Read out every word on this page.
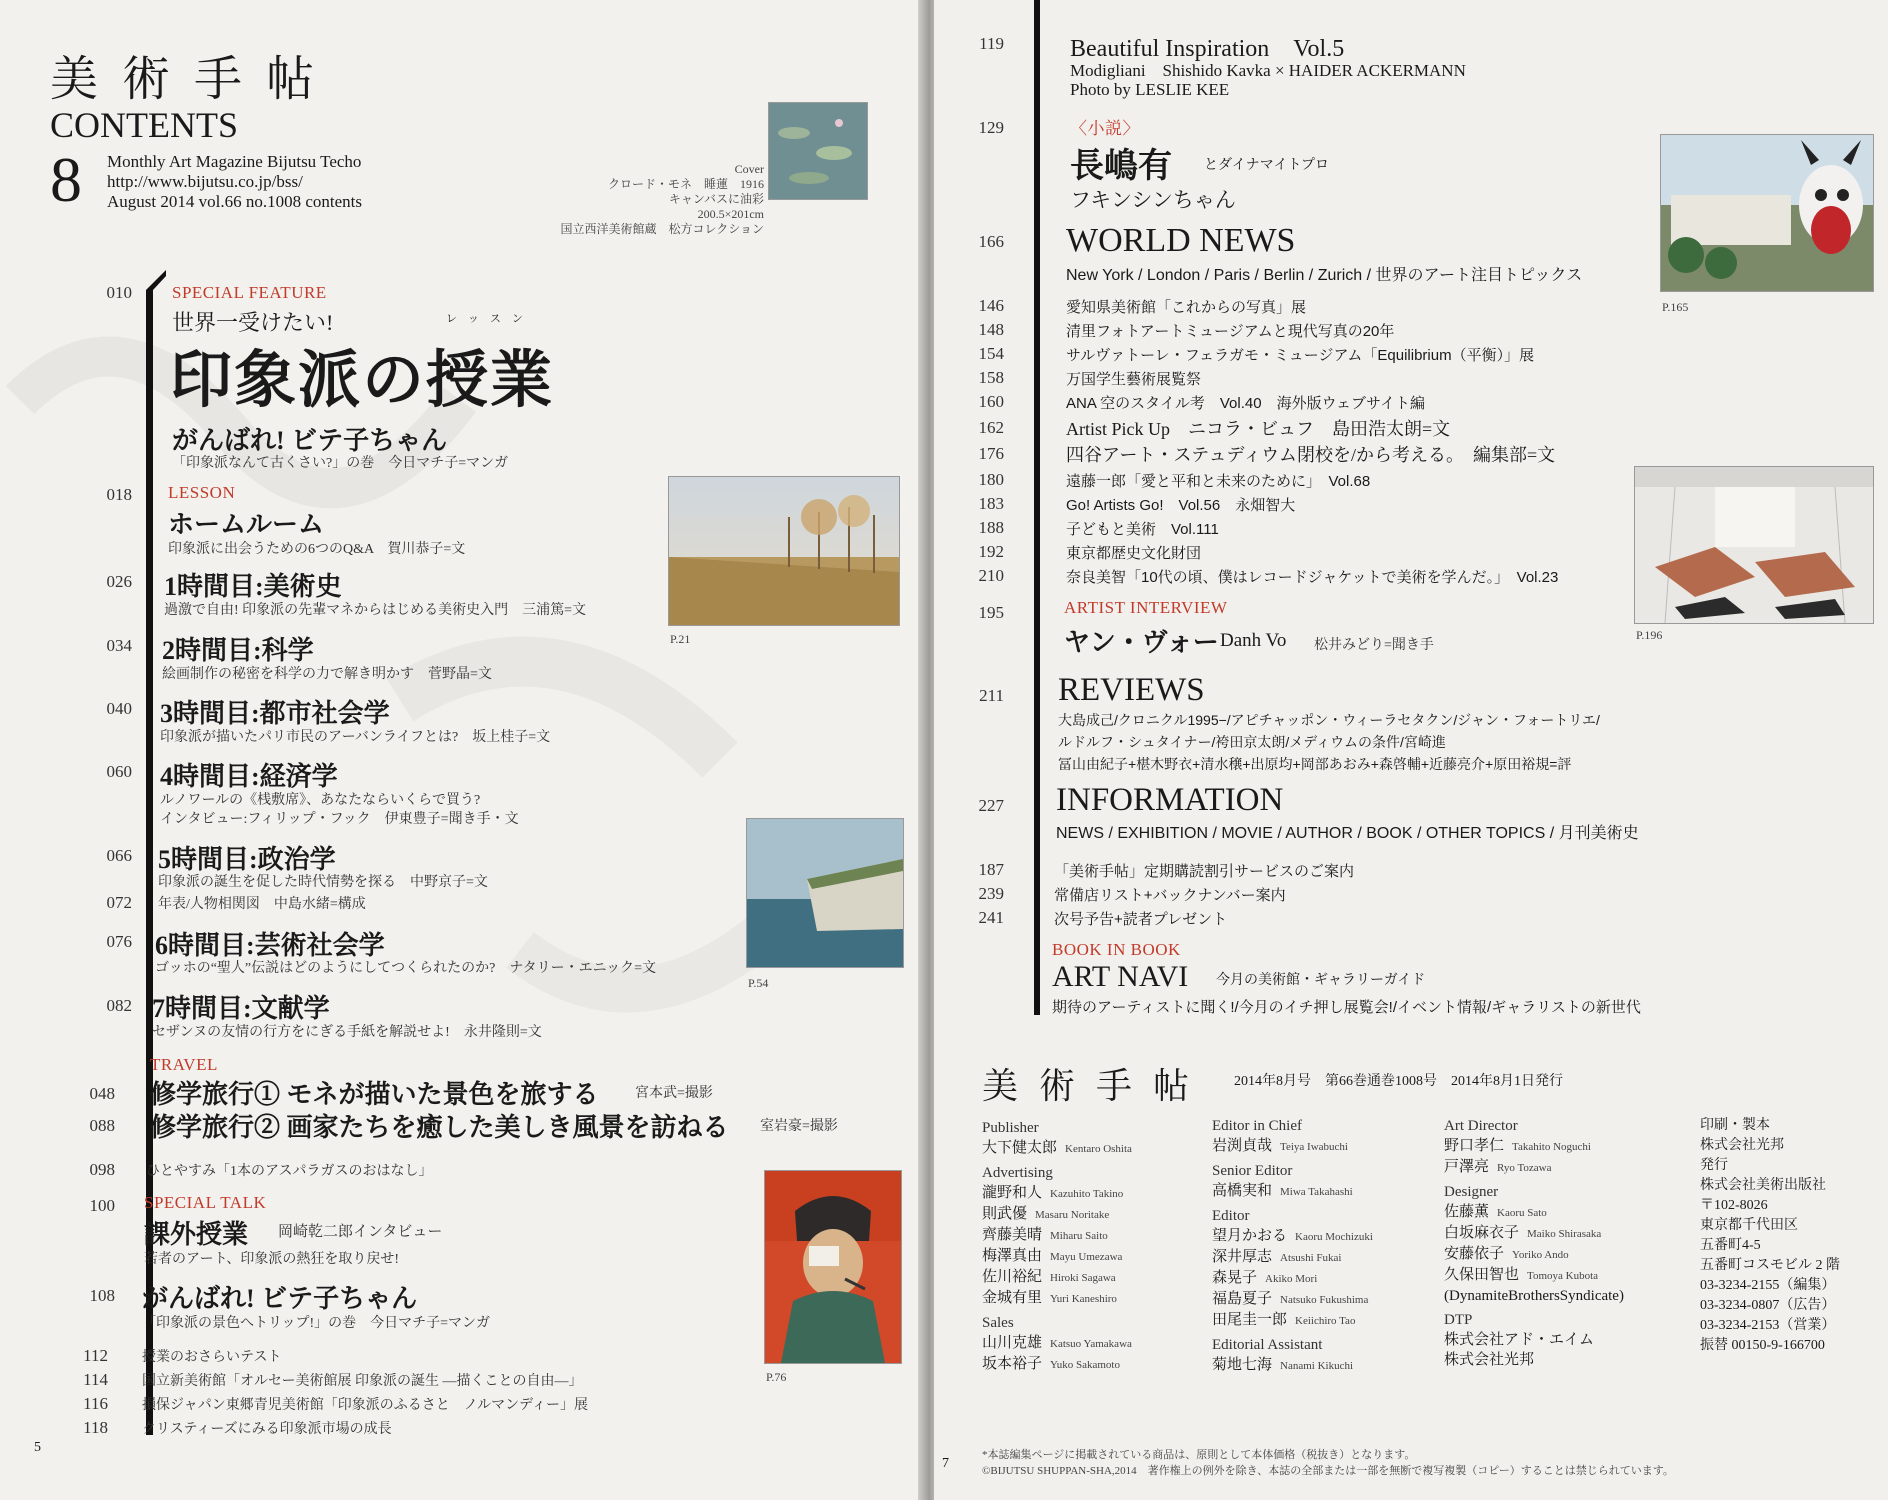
美 術 手 帖
CONTENTS
8 Monthly Art Magazine Bijutsu Techo
http://www.bijutsu.co.jp/bss/
August 2014 vol.66 no.1008 contents
Cover
クロード・モネ　睡蓮　1916
キャンバスに油彩
200.5×201cm
国立西洋美術館蔵　松方コレクション
010 SPECIAL FEATURE
世界一受けたい!	レッスン
印象派の授業
がんばれ! ビテ子ちゃん
「印象派なんて古くさい?」の巻　今日マチ子=マンガ
LESSON
018
ホームルーム
印象派に出会うための6つのQ&A　賀川恭子=文
026 1時間目:美術史
過激で自由! 印象派の先輩マネからはじめる美術史入門　三浦篤=文
034 2時間目:科学
絵画制作の秘密を科学の力で解き明かす　菅野晶=文
040 3時間目:都市社会学
印象派が描いたパリ市民のアーバンライフとは?　坂上桂子=文
060 4時間目:経済学
ルノワールの《桟敷席》、あなたならいくらで買う?
インタビュー:フィリップ・フック　伊東豊子=聞き手・文
066 5時間目:政治学
印象派の誕生を促した時代情勢を探る　中野京子=文
072 年表/人物相関図　中島水緒=構成
076 6時間目:芸術社会学
ゴッホの“聖人”伝説はどのようにしてつくられたのか?　ナタリー・エニック=文
082 7時間目:文献学
セザンヌの友情の行方をにぎる手紙を解説せよ!　永井隆則=文
TRAVEL
048 修学旅行① モネが描いた景色を旅する	宮本武=撮影
088 修学旅行② 画家たちを癒した美しき風景を訪ねる 室岩豪=撮影
098 ひとやすみ「1本のアスパラガスのおはなし」
100 SPECIAL TALK
課外授業 岡崎乾二郎インタビュー
若者のアート、印象派の熱狂を取り戻せ!
108 がんばれ! ビテ子ちゃん
「印象派の景色へトリップ!」の巻　今日マチ子=マンガ
112 授業のおさらいテスト
114 国立新美術館「オルセー美術館展 印象派の誕生 —描くことの自由—」
116 損保ジャパン東郷青児美術館「印象派のふるさと　ノルマンディー」展
118 クリスティーズにみる印象派市場の成長
P.21
P.54
P.76
5
119	Beautiful Inspiration　Vol.5
Modigliani　Shishido Kavka × HAIDER ACKERMANN
Photo by LESLIE KEE
129	〈小説〉
長嶋有 とダイナマイトプロ
フキンシンちゃん
P.165
166 WORLD NEWS
New York / London / Paris / Berlin / Zurich / 世界のアート注目トピックス
146	愛知県美術館「これからの写真」展
148	清里フォトアートミュージアムと現代写真の20年
154	サルヴァトーレ・フェラガモ・ミュージアム「Equilibrium（平衡）」展
158	万国学生藝術展覧祭
160	ANA 空のスタイル考　Vol.40　海外版ウェブサイト編
162	Artist Pick Up　ニコラ・ビュフ　島田浩太朗=文
176	四谷アート・ステュディウム閉校を/から考える。　編集部=文
180	遠藤一郎「愛と平和と未来のために」　Vol.68
183	Go! Artists Go!　Vol.56　永畑智大
188	子どもと美術　Vol.111
192	東京都歴史文化財団
210	奈良美智「10代の頃、僕はレコードジャケットで美術を学んだ。」　Vol.23
P.196
195	ARTIST INTERVIEW
ヤン・ヴォー Danh Vo 松井みどり=聞き手
211 REVIEWS
大島成己/クロニクル1995−/アピチャッポン・ウィーラセタクン/ジャン・フォートリエ/
ルドルフ・シュタイナー/袴田京太朗/メディウムの条件/宮崎進
冨山由紀子+椹木野衣+清水穣+出原均+岡部あおみ+森啓輔+近藤亮介+原田裕規=評
227 INFORMATION
NEWS / EXHIBITION / MOVIE / AUTHOR / BOOK / OTHER TOPICS / 月刊美術史
187	「美術手帖」定期購読割引サービスのご案内
239	常備店リスト+バックナンバー案内
241	次号予告+読者プレゼント
BOOK IN BOOK
ART NAVI 今月の美術館・ギャラリーガイド
期待のアーティストに聞く!/今月のイチ押し展覧会!/イベント情報/ギャラリストの新世代
美 術 手 帖	2014年8月号　第66巻通巻1008号　2014年8月1日発行
Publisher
大下健太郎 Kentaro Oshita
Advertising
瀧野和人 Kazuhito Takino
則武優 Masaru Noritake
齊藤美晴 Miharu Saito
梅澤真由 Mayu Umezawa
佐川裕紀 Hiroki Sagawa
金城有里 Yuri Kaneshiro
Sales
山川克雄 Katsuo Yamakawa
坂本裕子 Yuko Sakamoto
Editor in Chief
岩渕貞哉 Teiya Iwabuchi
Senior Editor
高橋実和 Miwa Takahashi
Editor
望月かおる Kaoru Mochizuki
深井厚志 Atsushi Fukai
森晃子 Akiko Mori
福島夏子 Natsuko Fukushima
田尾圭一郎 Keiichiro Tao
Editorial Assistant
菊地七海 Nanami Kikuchi
Art Director
野口孝仁 Takahito Noguchi
戸澤亮 Ryo Tozawa
Designer
佐藤薫 Kaoru Sato
白坂麻衣子 Maiko Shirasaka
安藤依子 Yoriko Ando
久保田智也 Tomoya Kubota
(DynamiteBrothersSyndicate)
DTP
株式会社アド・エイム
株式会社光邦
印刷・製本
株式会社光邦
発行
株式会社美術出版社
〒102-8026
東京都千代田区
五番町4-5
五番町コスモビル 2 階
03-3234-2155（編集）
03-3234-0807（広告）
03-3234-2153（営業）
振替 00150-9-166700
*本誌編集ページに掲載されている商品は、原則として本体価格（税抜き）となります。
©BIJUTSU SHUPPAN-SHA,2014　著作権上の例外を除き、本誌の全部または一部を無断で複写複製（コピー）することは禁じられています。
7
